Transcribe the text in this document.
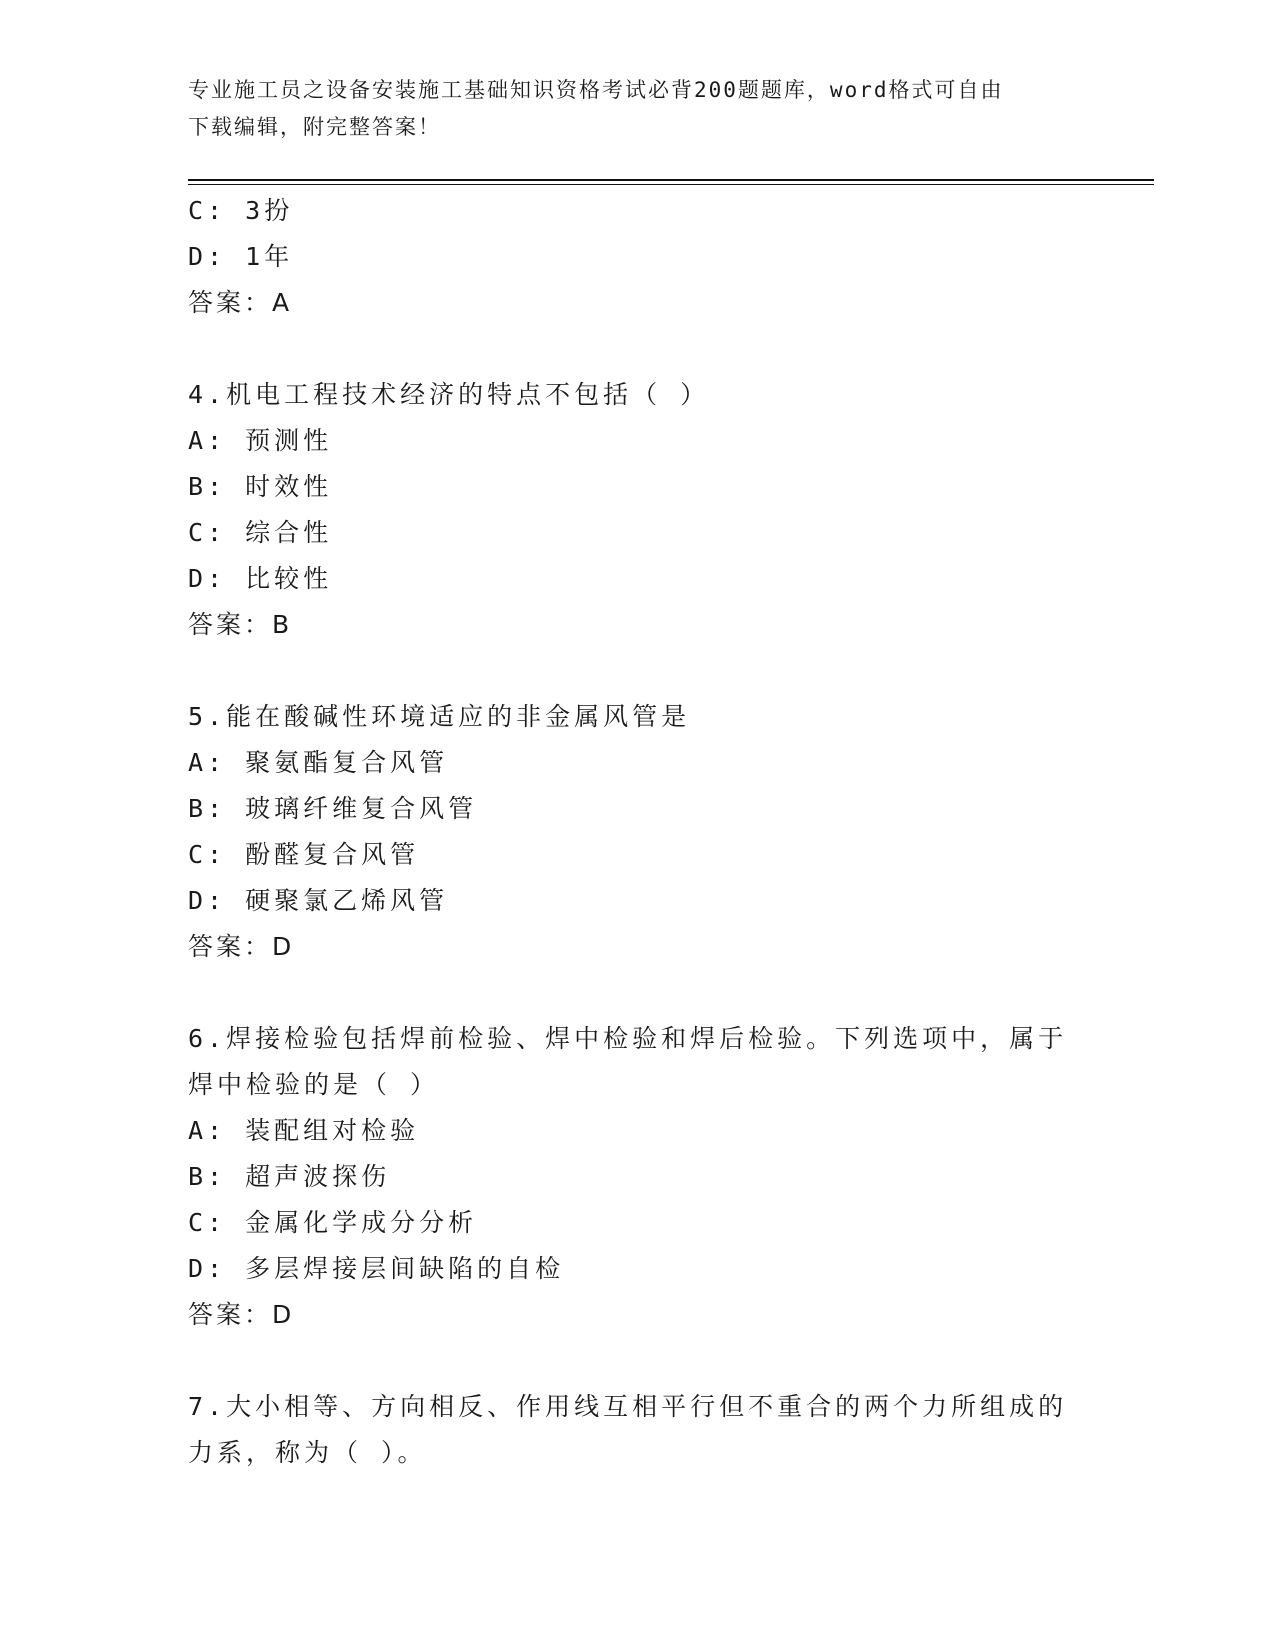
专业施工员之设备安装施工基础知识资格考试必背200题题库，word格式可自由
下载编辑，附完整答案！
C: 3扮
D: 1年
答案：A
4.机电工程技术经济的特点不包括（ ）
A: 预测性
B: 时效性
C: 综合性
D: 比较性
答案：B
5.能在酸碱性环境适应的非金属风管是
A: 聚氨酯复合风管
B: 玻璃纤维复合风管
C: 酚醛复合风管
D: 硬聚氯乙烯风管
答案：D
6.焊接检验包括焊前检验、焊中检验和焊后检验。下列选项中，属于
焊中检验的是（ ）
A: 装配组对检验
B: 超声波探伤
C: 金属化学成分分析
D: 多层焊接层间缺陷的自检
答案：D
7.大小相等、方向相反、作用线互相平行但不重合的两个力所组成的
力系，称为（ ）。
